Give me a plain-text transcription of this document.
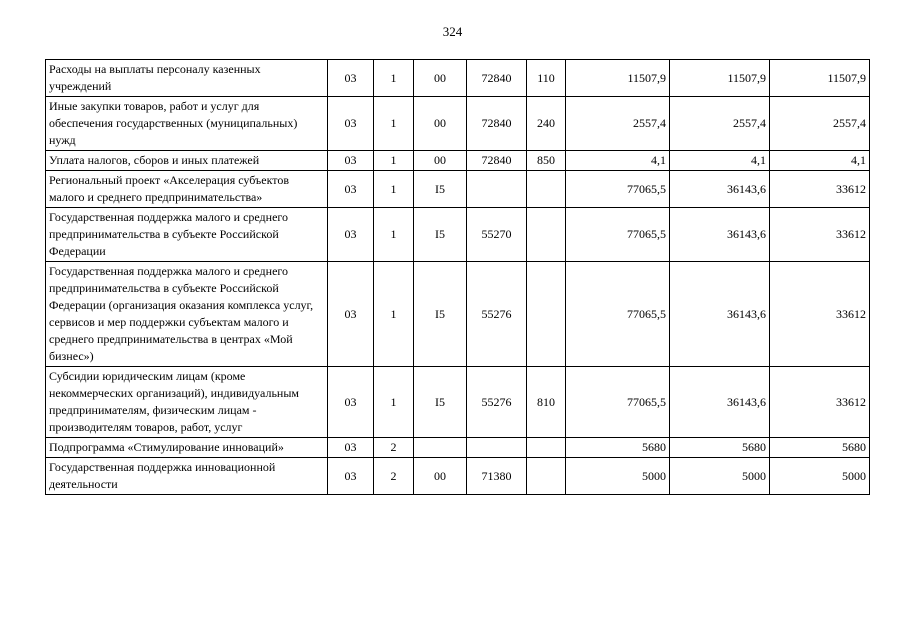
324
Расходы на выплаты персоналу казенных учреждений	03	1	00	72840	110	11507,9	11507,9	11507,9
Иные закупки товаров, работ и услуг для обеспечения государственных (муниципальных) нужд	03	1	00	72840	240	2557,4	2557,4	2557,4
Уплата налогов, сборов и иных платежей	03	1	00	72840	850	4,1	4,1	4,1
Региональный проект «Акселерация субъектов малого и среднего предпринимательства»	03	1	I5			77065,5	36143,6	33612
Государственная поддержка малого и среднего предпринимательства в субъекте Российской Федерации	03	1	I5	55270		77065,5	36143,6	33612
Государственная поддержка малого и среднего предпринимательства в субъекте Российской Федерации (организация оказания комплекса услуг, сервисов и мер поддержки субъектам малого и среднего предпринимательства в центрах «Мой бизнес»)	03	1	I5	55276		77065,5	36143,6	33612
Субсидии юридическим лицам (кроме некоммерческих организаций), индивидуальным предпринимателям, физическим лицам - производителям товаров, работ, услуг	03	1	I5	55276	810	77065,5	36143,6	33612
Подпрограмма «Стимулирование инноваций»	03	2				5680	5680	5680
Государственная поддержка инновационной деятельности	03	2	00	71380		5000	5000	5000
